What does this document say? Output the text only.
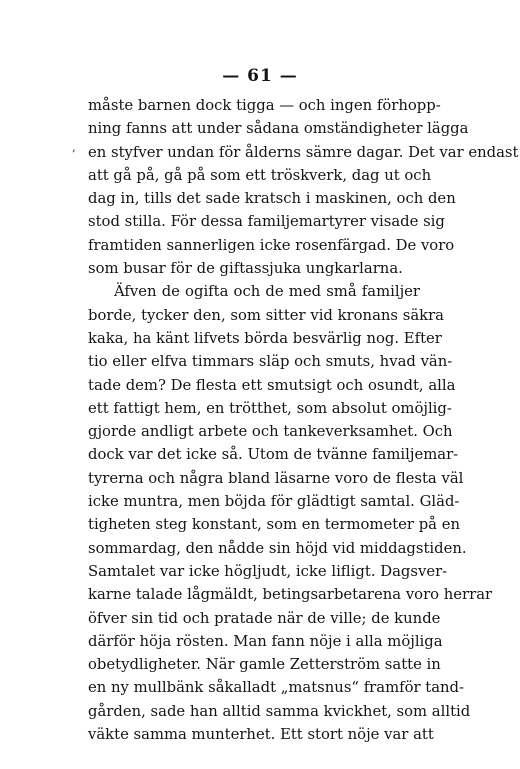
— 61 —
,
måste barnen dock tigga — och ingen förhopp-
ning fanns att under sådana omständigheter lägga
en styfver undan för ålderns sämre dagar. Det var endast
att gå på, gå på som ett tröskverk, dag ut och
dag in, tills det sade kratsch i maskinen, och den
stod stilla. För dessa familjemartyrer visade sig
framtiden sannerligen icke rosenfärgad. De voro
som busar för de giftassjuka ungkarlarna.
Äfven de ogifta och de med små familjer
borde, tycker den, som sitter vid kronans säkra
kaka, ha känt lifvets börda besvärlig nog. Efter
tio eller elfva timmars släp och smuts, hvad vän-
tade dem? De flesta ett smutsigt och osundt, alla
ett fattigt hem, en trötthet, som absolut omöjlig-
gjorde andligt arbete och tankeverksamhet. Och
dock var det icke så. Utom de tvänne familjemar-
tyrerna och några bland läsarne voro de flesta väl
icke muntra, men böjda för glädtigt samtal. Gläd-
tigheten steg konstant, som en termometer på en
sommardag, den nådde sin höjd vid middagstiden.
Samtalet var icke högljudt, icke lifligt. Dagsver-
karne talade lågmäldt, betingsarbetarena voro herrar
öfver sin tid och pratade när de ville; de kunde
därför höja rösten. Man fann nöje i alla möjliga
obetydligheter. När gamle Zetterström satte in
en ny mullbänk såkalladt „matsnus“ framför tand-
gården, sade han alltid samma kvickhet, som alltid
väkte samma munterhet. Ett stort nöje var att
